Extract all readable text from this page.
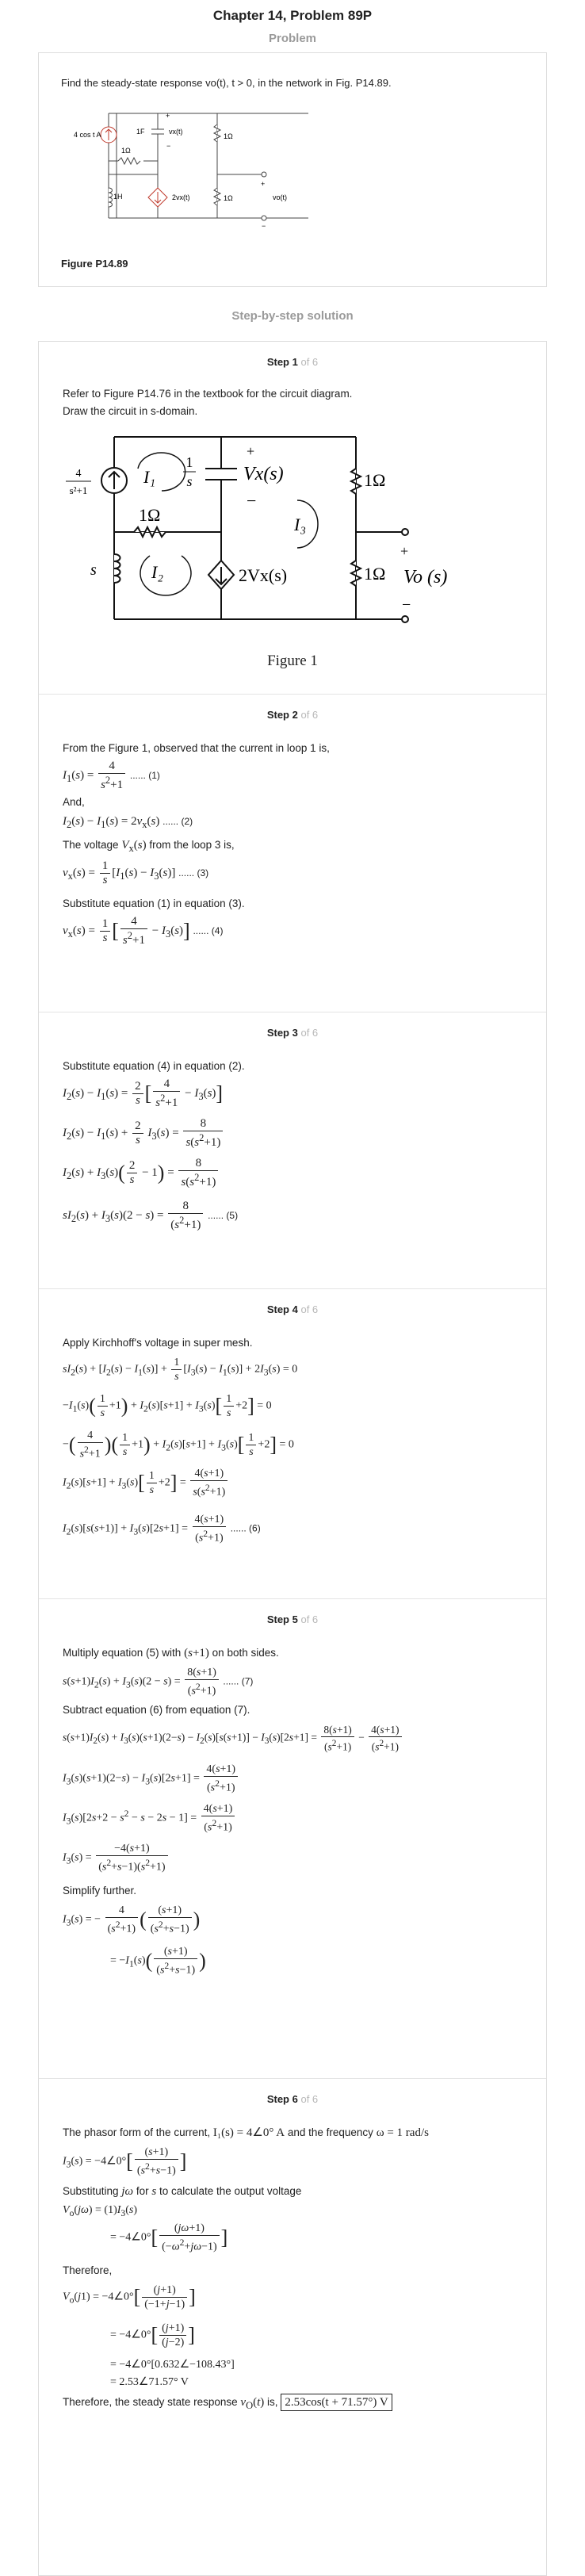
Chapter 14, Problem 89P
Problem
Find the steady-state response vo(t), t > 0, in the network in Fig. P14.89.
4 cos t A	1F	vx(t)
+
−
1Ω
1H	2vx(t)
1Ω
1Ω
+
vo(t)
−
Figure P14.89
Step-by-step solution
Step 1 of 6
Refer to Figure P14.76 in the textbook for the circuit diagram.
Draw the circuit in s-domain.
4
s²+1
1
s
+
Vx(s)
−
I₁
1Ω
s	I₂	2Vx(s)
I₃
1Ω
1Ω
+
Vo (s)
−
Figure 1
Step 2 of 6
From the Figure 1, observed that the current in loop 1 is,
$I_1(s) = \frac{4}{s^2+1}$ ...... (1)
And,
$I_2(s) - I_1(s) = 2v_x(s)$ ...... (2)
The voltage $V_x(s)$ from the loop 3 is,
$v_x(s) = \frac{1}{s} [I_1(s) - I_3(s)]$ ...... (3)
Substitute equation (1) in equation (3).
$v_x(s) = \frac{1}{s}$ [ $\frac{4}{s^2+1} - I_3(s)$] ...... (4)
Step 3 of 6
Substitute equation (4) in equation (2).
$I_2(s) - I_1(s) = \frac{2}{s}$ [ $\frac{4}{s^2+1} - I_3(s)$]
$I_2(s) - I_1(s) + \frac{2}{s} I_3(s) = \frac{8}{s(s^2+1)}$
$I_2(s) + I_3(s)( \frac{2}{s} - 1) = \frac{8}{s(s^2+1)}$
$sI_2(s) + I_3(s)(2 - s) = \frac{8}{(s^2+1)}$ ...... (5)
Step 4 of 6
Apply Kirchhoff's voltage in super mesh.
$sI_2(s) + [I_2(s) - I_1(s)] + \frac{1}{s} [I_3(s) - I_1(s)] + 2I_3(s) = 0$
$-I_1(s)( \frac{1}{s} +1) + I_2(s)[s+1] + I_3(s)[ \frac{1}{s} +2] = 0$
−( $\frac{4}{s^2+1}$ )( $\frac{1}{s} +1) + I_2(s)[s+1] + I_3(s)[ \frac{1}{s} +2] = 0$
$I_2(s)[s+1] + I_3(s)[ \frac{1}{s} +2] = \frac{4(s+1)}{s(s^2+1)}$
$I_2(s)[s(s+1)] + I_3(s)[2s+1] = \frac{4(s+1)}{(s^2+1)}$ ...... (6)
Step 5 of 6
Multiply equation (5) with (s+1) on both sides.
$s(s+1)I_2(s) + I_3(s)(2 - s) = \frac{8(s+1)}{(s^2+1)}$ ...... (7)
Subtract equation (6) from equation (7).
$s(s+1)I_2(s) + I_3(s)(s+1)(2-s) - I_2(s)[s(s+1)] - I_3(s)[2s+1] = \frac{8(s+1)}{(s^2+1)} - \frac{4(s+1)}{(s^2+1)}$
$I_3(s)(s+1)(2-s) - I_3(s)[2s+1] = \frac{4(s+1)}{(s^2+1)}$
$I_3(s)[2s+2 - s^2 - s - 2s - 1] = \frac{4(s+1)}{(s^2+1)}$
$I_3(s) = \frac{-4(s+1)}{(s^2+s-1)(s^2+1)}$
Simplify further.
$I_3(s)$ = − $\frac{4}{(s^2+1)}$ ( $\frac{(s+1)}{(s^2+s-1)}$ )
= $-I_1(s)( \frac{(s+1)}{(s^2+s-1)}$ )
Step 6 of 6
The phasor form of the current, I₁(s) = 4∠0° A and the frequency ω = 1 rad/s
$I_3(s)$ = −4∠0°[ $\frac{(s+1)}{(s^2+s-1)}$ ]
Substituting jω for s to calculate the output voltage
$V_o(j\omega) = (1)I_3(s)$
= −4∠0°[ $\frac{(j\omega+1)}{(-\omega^2+j\omega-1)}$ ]
Therefore,
$V_o(j1)$ = −4∠0°[ $\frac{(j+1)}{(-1+j-1)}$ ]
= −4∠0°[ $\frac{(j+1)}{(j-2)}$ ]
= −4∠0°[0.632∠−108.43°]
= 2.53∠71.57° V
Therefore, the steady state response $v_O(t)$ is, 2.53cos(t + 71.57°) V
